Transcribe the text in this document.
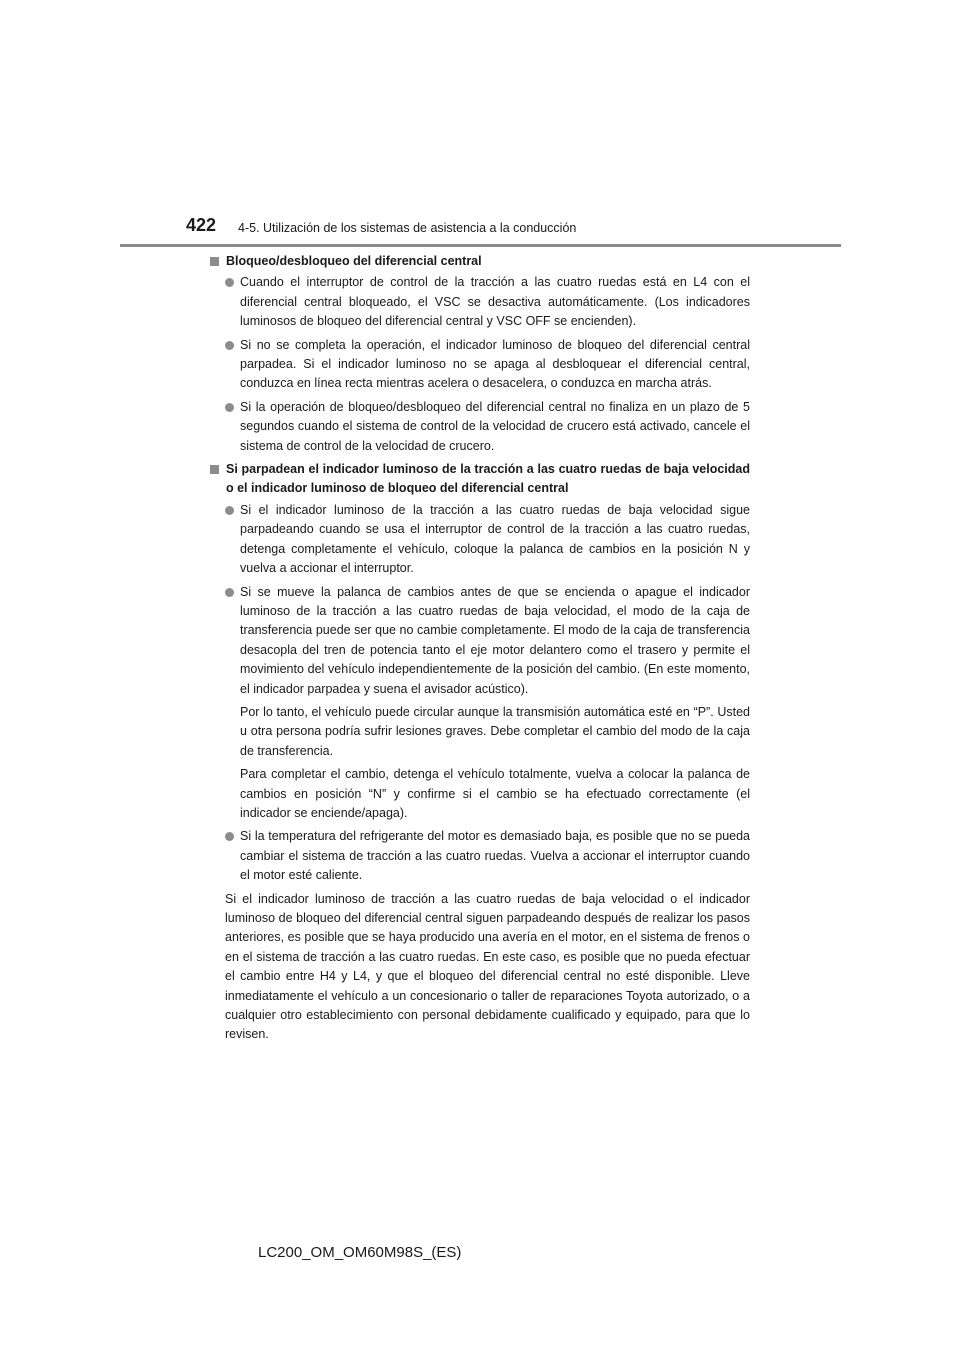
422 4-5. Utilización de los sistemas de asistencia a la conducción
Bloqueo/desbloqueo del diferencial central
Cuando el interruptor de control de la tracción a las cuatro ruedas está en L4 con el diferencial central bloqueado, el VSC se desactiva automáticamente. (Los indicadores luminosos de bloqueo del diferencial central y VSC OFF se encienden).
Si no se completa la operación, el indicador luminoso de bloqueo del diferencial central parpadea. Si el indicador luminoso no se apaga al desbloquear el diferencial central, conduzca en línea recta mientras acelera o desacelera, o conduzca en marcha atrás.
Si la operación de bloqueo/desbloqueo del diferencial central no finaliza en un plazo de 5 segundos cuando el sistema de control de la velocidad de crucero está activado, cancele el sistema de control de la velocidad de crucero.
Si parpadean el indicador luminoso de la tracción a las cuatro ruedas de baja velocidad o el indicador luminoso de bloqueo del diferencial central
Si el indicador luminoso de la tracción a las cuatro ruedas de baja velocidad sigue parpadeando cuando se usa el interruptor de control de la tracción a las cuatro ruedas, detenga completamente el vehículo, coloque la palanca de cambios en la posición N y vuelva a accionar el interruptor.
Si se mueve la palanca de cambios antes de que se encienda o apague el indicador luminoso de la tracción a las cuatro ruedas de baja velocidad, el modo de la caja de transferencia puede ser que no cambie completamente. El modo de la caja de transferencia desacopla del tren de potencia tanto el eje motor delantero como el trasero y permite el movimiento del vehículo independientemente de la posición del cambio. (En este momento, el indicador parpadea y suena el avisador acústico).
Por lo tanto, el vehículo puede circular aunque la transmisión automática esté en “P”. Usted u otra persona podría sufrir lesiones graves. Debe completar el cambio del modo de la caja de transferencia.
Para completar el cambio, detenga el vehículo totalmente, vuelva a colocar la palanca de cambios en posición “N” y confirme si el cambio se ha efectuado correctamente (el indicador se enciende/apaga).
Si la temperatura del refrigerante del motor es demasiado baja, es posible que no se pueda cambiar el sistema de tracción a las cuatro ruedas. Vuelva a accionar el interruptor cuando el motor esté caliente.
Si el indicador luminoso de tracción a las cuatro ruedas de baja velocidad o el indicador luminoso de bloqueo del diferencial central siguen parpadeando después de realizar los pasos anteriores, es posible que se haya producido una avería en el motor, en el sistema de frenos o en el sistema de tracción a las cuatro ruedas. En este caso, es posible que no pueda efectuar el cambio entre H4 y L4, y que el bloqueo del diferencial central no esté disponible. Lleve inmediatamente el vehículo a un concesionario o taller de reparaciones Toyota autorizado, o a cualquier otro establecimiento con personal debidamente cualificado y equipado, para que lo revisen.
LC200_OM_OM60M98S_(ES)
